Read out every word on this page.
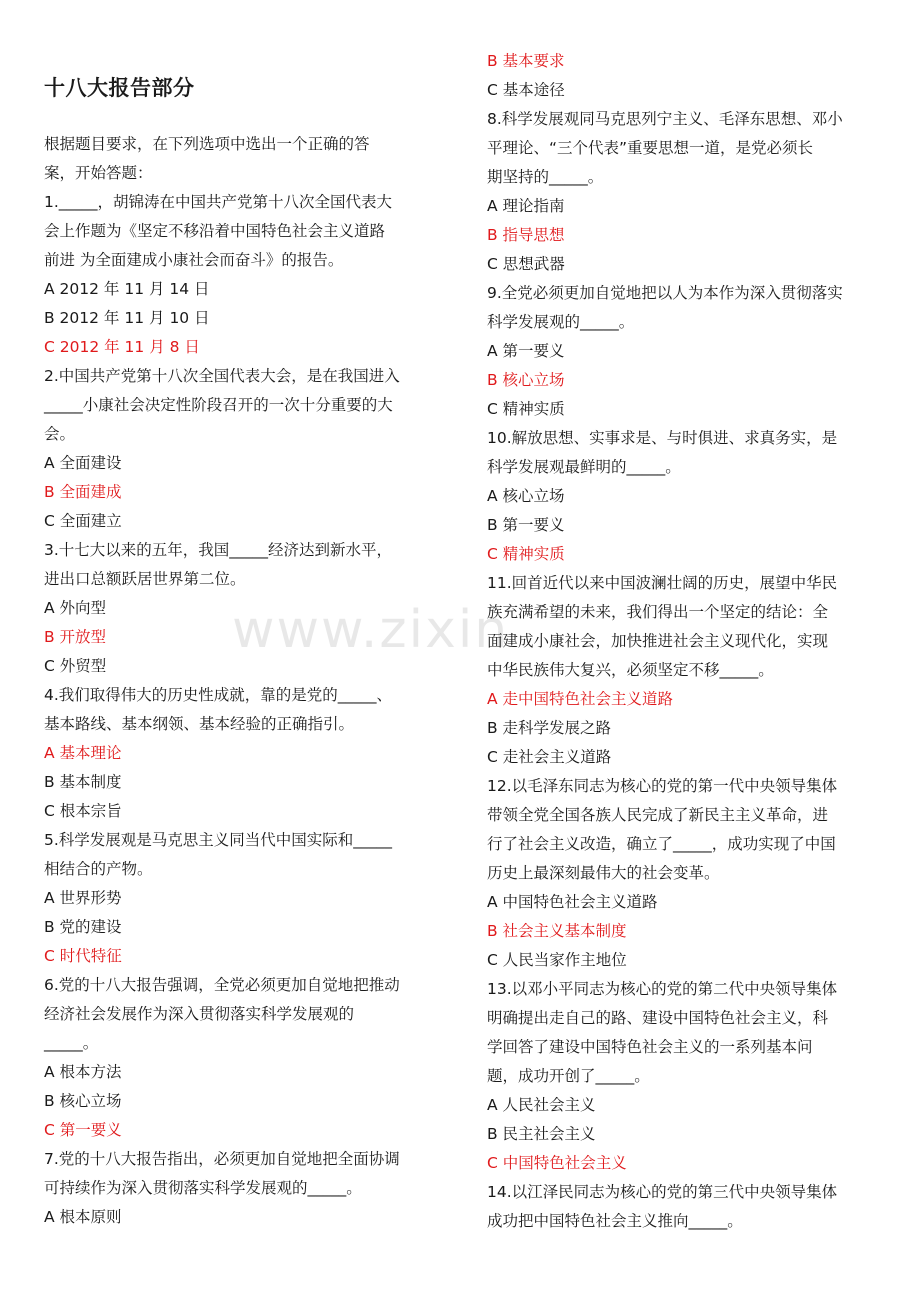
十八大报告部分
根据题目要求，在下列选项中选出一个正确的答
案，开始答题：
1._____，胡锦涛在中国共产党第十八次全国代表大
会上作题为《坚定不移沿着中国特色社会主义道路
前进 为全面建成小康社会而奋斗》的报告。
A 2012 年 11 月 14 日
B 2012 年 11 月 10 日
C 2012 年 11 月 8 日
2.中国共产党第十八次全国代表大会，是在我国进入
_____小康社会决定性阶段召开的一次十分重要的大
会。
A 全面建设
B 全面建成
C 全面建立
3.十七大以来的五年，我国_____经济达到新水平，
进出口总额跃居世界第二位。
A 外向型
B 开放型
C 外贸型
4.我们取得伟大的历史性成就，靠的是党的_____、
基本路线、基本纲领、基本经验的正确指引。
A 基本理论
B 基本制度
C 根本宗旨
5.科学发展观是马克思主义同当代中国实际和_____
相结合的产物。
A 世界形势
B 党的建设
C 时代特征
6.党的十八大报告强调，全党必须更加自觉地把推动
经济社会发展作为深入贯彻落实科学发展观的
_____。
A 根本方法
B 核心立场
C 第一要义
7.党的十八大报告指出，必须更加自觉地把全面协调
可持续作为深入贯彻落实科学发展观的_____。
A 根本原则
B 基本要求
C 基本途径
8.科学发展观同马克思列宁主义、毛泽东思想、邓小
平理论、“三个代表”重要思想一道，是党必须长
期坚持的_____。
A 理论指南
B 指导思想
C 思想武器
9.全党必须更加自觉地把以人为本作为深入贯彻落实
科学发展观的_____。
A 第一要义
B 核心立场
C 精神实质
10.解放思想、实事求是、与时俱进、求真务实，是
科学发展观最鲜明的_____。
A 核心立场
B 第一要义
C 精神实质
11.回首近代以来中国波澜壮阔的历史，展望中华民
族充满希望的未来，我们得出一个坚定的结论：全
面建成小康社会，加快推进社会主义现代化，实现
中华民族伟大复兴，必须坚定不移_____。
A 走中国特色社会主义道路
B 走科学发展之路
C 走社会主义道路
12.以毛泽东同志为核心的党的第一代中央领导集体
带领全党全国各族人民完成了新民主主义革命，进
行了社会主义改造，确立了_____，成功实现了中国
历史上最深刻最伟大的社会变革。
A 中国特色社会主义道路
B 社会主义基本制度
C 人民当家作主地位
13.以邓小平同志为核心的党的第二代中央领导集体
明确提出走自己的路、建设中国特色社会主义，科
学回答了建设中国特色社会主义的一系列基本问
题，成功开创了_____。
A 人民社会主义
B 民主社会主义
C 中国特色社会主义
14.以江泽民同志为核心的党的第三代中央领导集体
成功把中国特色社会主义推向_____。
www.zixin
